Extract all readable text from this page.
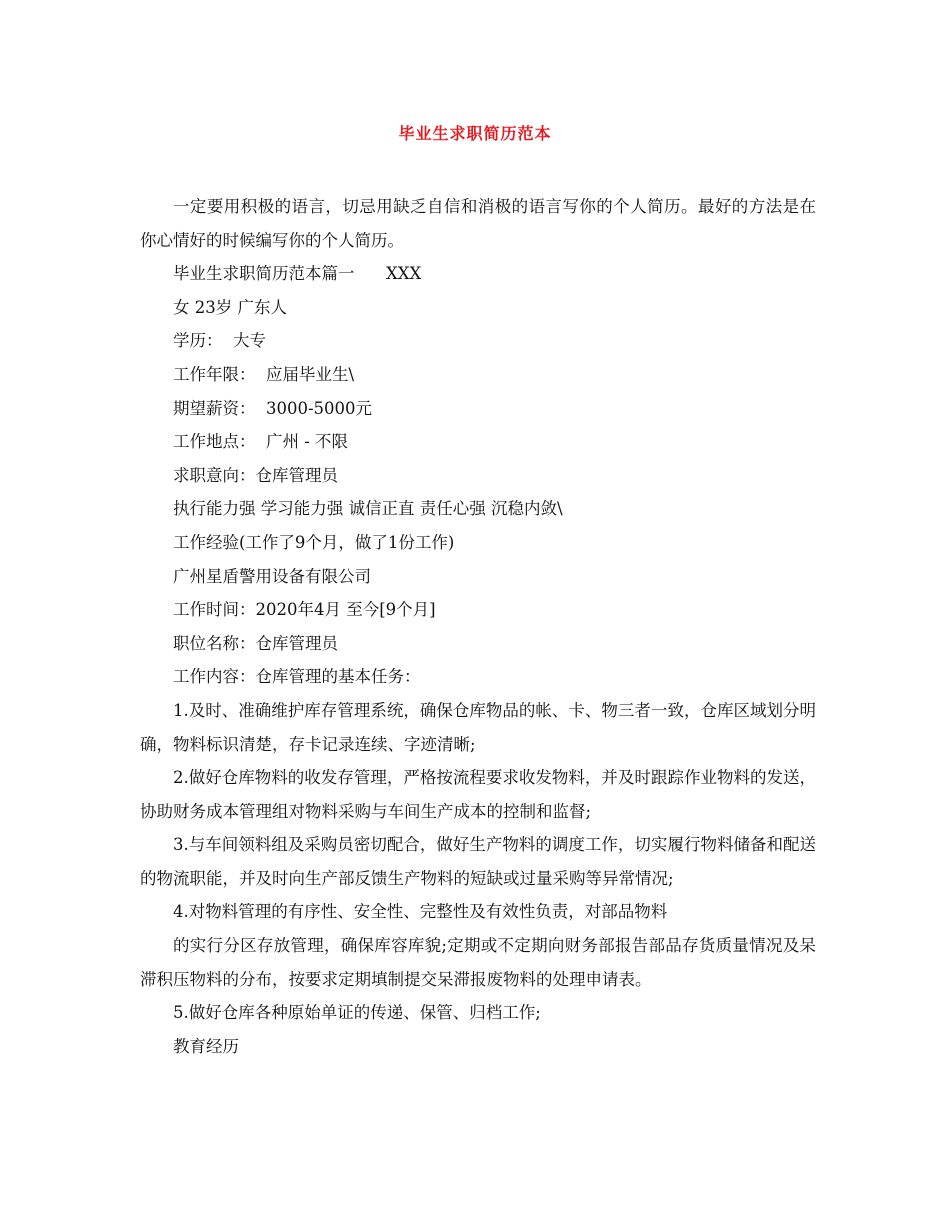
毕业生求职简历范本

一定要用积极的语言，切忌用缺乏自信和消极的语言写你的个人简历。最好的方法是在你心情好的时候编写你的个人简历。

毕业生求职简历范本篇一      XXX

女 23岁 广东人

学历：  大专

工作年限：  应届毕业生\

期望薪资：  3000-5000元

工作地点：  广州 - 不限

求职意向：仓库管理员

执行能力强 学习能力强 诚信正直 责任心强 沉稳内敛\

工作经验(工作了9个月，做了1份工作)

广州星盾警用设备有限公司

工作时间：2020年4月 至今[9个月]

职位名称：仓库管理员

工作内容：仓库管理的基本任务：

1.及时、准确维护库存管理系统，确保仓库物品的帐、卡、物三者一致，仓库区域划分明确，物料标识清楚，存卡记录连续、字迹清晰;

2.做好仓库物料的收发存管理，严格按流程要求收发物料，并及时跟踪作业物料的发送，协助财务成本管理组对物料采购与车间生产成本的控制和监督;

3.与车间领料组及采购员密切配合，做好生产物料的调度工作，切实履行物料储备和配送的物流职能，并及时向生产部反馈生产物料的短缺或过量采购等异常情况;

4.对物料管理的有序性、安全性、完整性及有效性负责，对部品物料

的实行分区存放管理，确保库容库貌;定期或不定期向财务部报告部品存货质量情况及呆滞积压物料的分布，按要求定期填制提交呆滞报废物料的处理申请表。

5.做好仓库各种原始单证的传递、保管、归档工作;

教育经历
